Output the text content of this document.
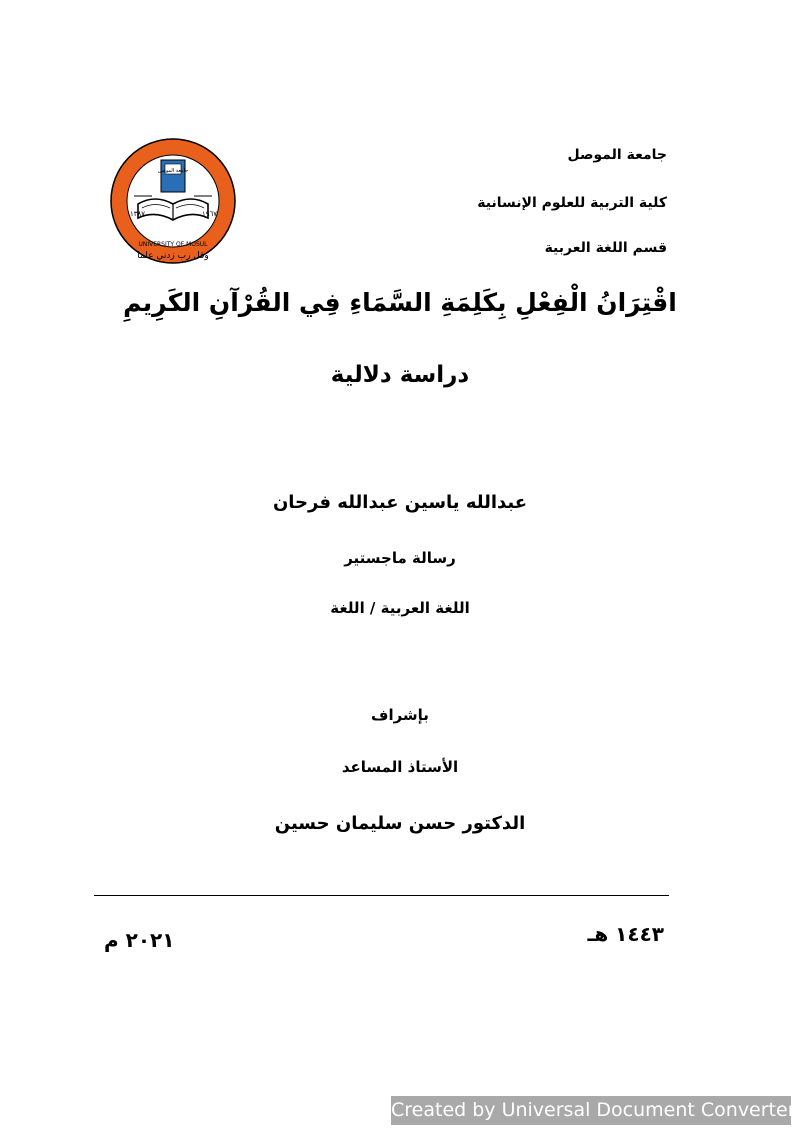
جامعة الموصل
كلية التربية للعلوم الإنسانية
قسم اللغة العربية
جامعة الموصل
UNIVERSITY OF MOSUL
١٣٨٧	١٩٦٧
وقل رب زدني علما
اقْتِرَانُ الْفِعْلِ بِكَلِمَةِ السَّمَاءِ فِي القُرْآنِ الكَرِيمِ
دراسة دلالية
عبدالله ياسين عبدالله فرحان
رسالة ماجستير
اللغة العربية / اللغة
بإشراف
الأستاذ المساعد
الدكتور حسن سليمان حسين
١٤٤٣ هـ
٢٠٢١ م
Created by Universal Document Converter
